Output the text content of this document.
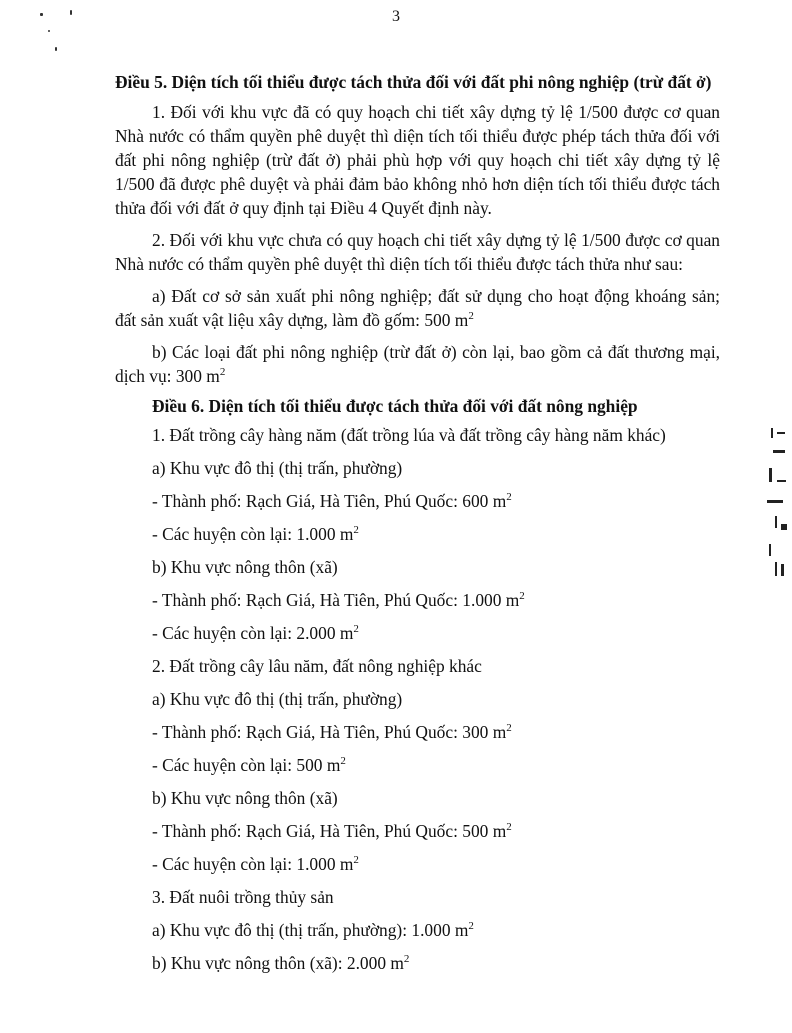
3
Điều 5. Diện tích tối thiểu được tách thửa đối với đất phi nông nghiệp (trừ đất ở)
1. Đối với khu vực đã có quy hoạch chi tiết xây dựng tỷ lệ 1/500 được cơ quan Nhà nước có thẩm quyền phê duyệt thì diện tích tối thiểu được phép tách thửa đối với đất phi nông nghiệp (trừ đất ở) phải phù hợp với quy hoạch chi tiết xây dựng tỷ lệ 1/500 đã được phê duyệt và phải đảm bảo không nhỏ hơn diện tích tối thiểu được tách thửa đối với đất ở quy định tại Điều 4 Quyết định này.
2. Đối với khu vực chưa có quy hoạch chi tiết xây dựng tỷ lệ 1/500 được cơ quan Nhà nước có thẩm quyền phê duyệt thì diện tích tối thiểu được tách thửa như sau:
a) Đất cơ sở sản xuất phi nông nghiệp; đất sử dụng cho hoạt động khoáng sản; đất sản xuất vật liệu xây dựng, làm đồ gốm: 500 $m^2$
b) Các loại đất phi nông nghiệp (trừ đất ở) còn lại, bao gồm cả đất thương mại, dịch vụ: 300 $m^2$
Điều 6. Diện tích tối thiểu được tách thửa đối với đất nông nghiệp
1. Đất trồng cây hàng năm (đất trồng lúa và đất trồng cây hàng năm khác)
a) Khu vực đô thị (thị trấn, phường)
- Thành phố: Rạch Giá, Hà Tiên, Phú Quốc: 600 $m^2$
- Các huyện còn lại: 1.000 $m^2$
b) Khu vực nông thôn (xã)
- Thành phố: Rạch Giá, Hà Tiên, Phú Quốc: 1.000 $m^2$
- Các huyện còn lại: 2.000 $m^2$
2. Đất trồng cây lâu năm, đất nông nghiệp khác
a) Khu vực đô thị (thị trấn, phường)
- Thành phố: Rạch Giá, Hà Tiên, Phú Quốc: 300 $m^2$
- Các huyện còn lại: 500 $m^2$
b) Khu vực nông thôn (xã)
- Thành phố: Rạch Giá, Hà Tiên, Phú Quốc: 500 $m^2$
- Các huyện còn lại: 1.000 $m^2$
3. Đất nuôi trồng thủy sản
a) Khu vực đô thị (thị trấn, phường): 1.000 $m^2$
b) Khu vực nông thôn (xã): 2.000 $m^2$
